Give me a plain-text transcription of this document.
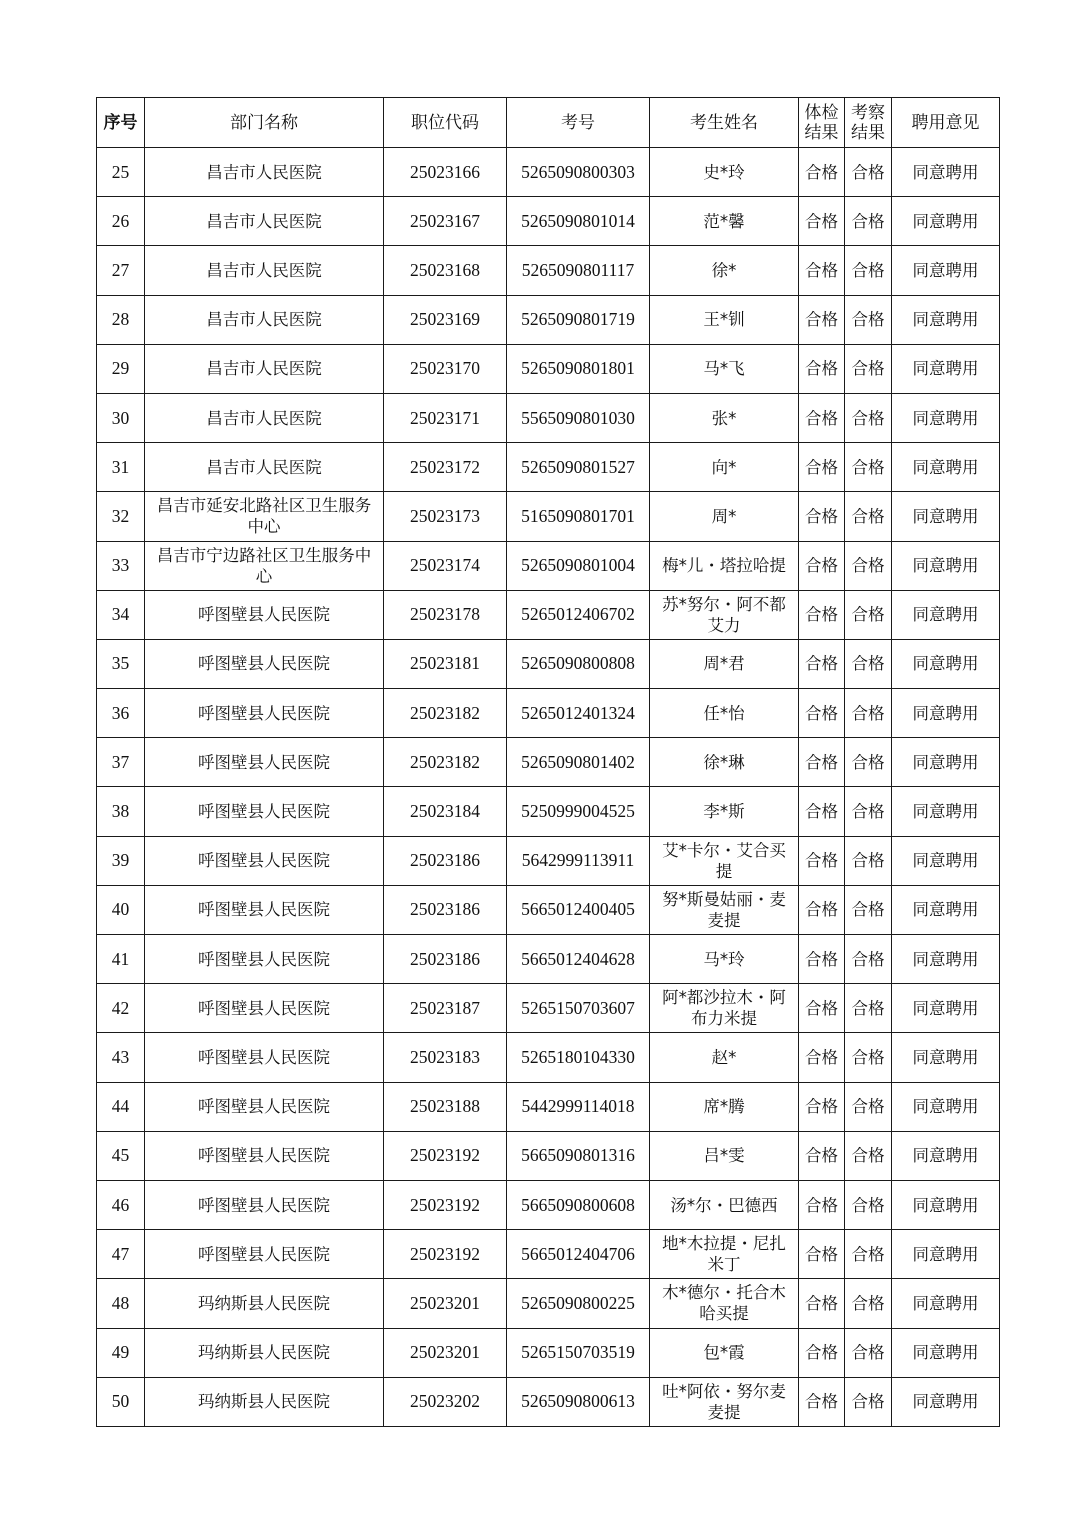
序号	部门名称	职位代码	考号	考生姓名	体检结果	考察结果	聘用意见
25	昌吉市人民医院	25023166	5265090800303	史*玲	合格	合格	同意聘用
26	昌吉市人民医院	25023167	5265090801014	范*馨	合格	合格	同意聘用
27	昌吉市人民医院	25023168	5265090801117	徐*	合格	合格	同意聘用
28	昌吉市人民医院	25023169	5265090801719	王*钏	合格	合格	同意聘用
29	昌吉市人民医院	25023170	5265090801801	马*飞	合格	合格	同意聘用
30	昌吉市人民医院	25023171	5565090801030	张*	合格	合格	同意聘用
31	昌吉市人民医院	25023172	5265090801527	向*	合格	合格	同意聘用
32	昌吉市延安北路社区卫生服务中心	25023173	5165090801701	周*	合格	合格	同意聘用
33	昌吉市宁边路社区卫生服务中心	25023174	5265090801004	梅*儿・塔拉哈提	合格	合格	同意聘用
34	呼图壁县人民医院	25023178	5265012406702	苏*努尔・阿不都艾力	合格	合格	同意聘用
35	呼图壁县人民医院	25023181	5265090800808	周*君	合格	合格	同意聘用
36	呼图壁县人民医院	25023182	5265012401324	任*怡	合格	合格	同意聘用
37	呼图壁县人民医院	25023182	5265090801402	徐*琳	合格	合格	同意聘用
38	呼图壁县人民医院	25023184	5250999004525	李*斯	合格	合格	同意聘用
39	呼图壁县人民医院	25023186	5642999113911	艾*卡尔・艾合买提	合格	合格	同意聘用
40	呼图壁县人民医院	25023186	5665012400405	努*斯曼姑丽・麦麦提	合格	合格	同意聘用
41	呼图壁县人民医院	25023186	5665012404628	马*玲	合格	合格	同意聘用
42	呼图壁县人民医院	25023187	5265150703607	阿*都沙拉木・阿布力米提	合格	合格	同意聘用
43	呼图壁县人民医院	25023183	5265180104330	赵*	合格	合格	同意聘用
44	呼图壁县人民医院	25023188	5442999114018	席*腾	合格	合格	同意聘用
45	呼图壁县人民医院	25023192	5665090801316	吕*雯	合格	合格	同意聘用
46	呼图壁县人民医院	25023192	5665090800608	汤*尔・巴德西	合格	合格	同意聘用
47	呼图壁县人民医院	25023192	5665012404706	地*木拉提・尼扎米丁	合格	合格	同意聘用
48	玛纳斯县人民医院	25023201	5265090800225	木*德尔・托合木哈买提	合格	合格	同意聘用
49	玛纳斯县人民医院	25023201	5265150703519	包*霞	合格	合格	同意聘用
50	玛纳斯县人民医院	25023202	5265090800613	吐*阿依・努尔麦麦提	合格	合格	同意聘用
